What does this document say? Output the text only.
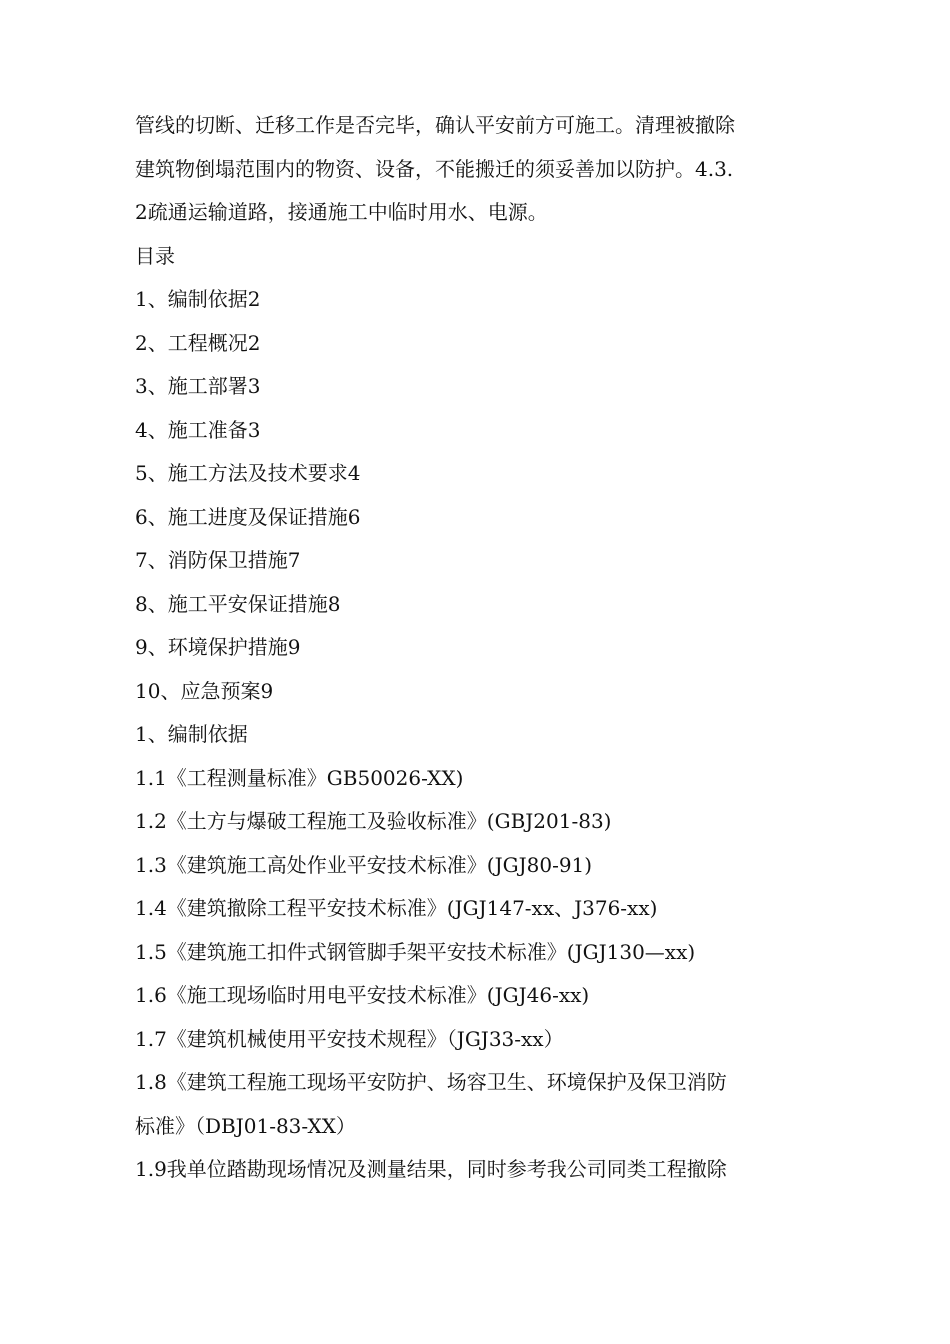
管线的切断、迁移工作是否完毕，确认平安前方可施工。清理被撤除
建筑物倒塌范围内的物资、设备，不能搬迁的须妥善加以防护。4.3.
2疏通运输道路，接通施工中临时用水、电源。
目录
1、编制依据2
2、工程概况2
3、施工部署3
4、施工准备3
5、施工方法及技术要求4
6、施工进度及保证措施6
7、消防保卫措施7
8、施工平安保证措施8
9、环境保护措施9
10、应急预案9
1、编制依据
1.1《工程测量标准》GB50026-XX)
1.2《土方与爆破工程施工及验收标准》(GBJ201-83)
1.3《建筑施工高处作业平安技术标准》(JGJ80-91)
1.4《建筑撤除工程平安技术标准》(JGJ147-xx、J376-xx)
1.5《建筑施工扣件式钢管脚手架平安技术标准》(JGJ130—xx)
1.6《施工现场临时用电平安技术标准》(JGJ46-xx)
1.7《建筑机械使用平安技术规程》（JGJ33-xx）
1.8《建筑工程施工现场平安防护、场容卫生、环境保护及保卫消防
标准》（DBJ01-83-XX）
1.9我单位踏勘现场情况及测量结果，同时参考我公司同类工程撤除
